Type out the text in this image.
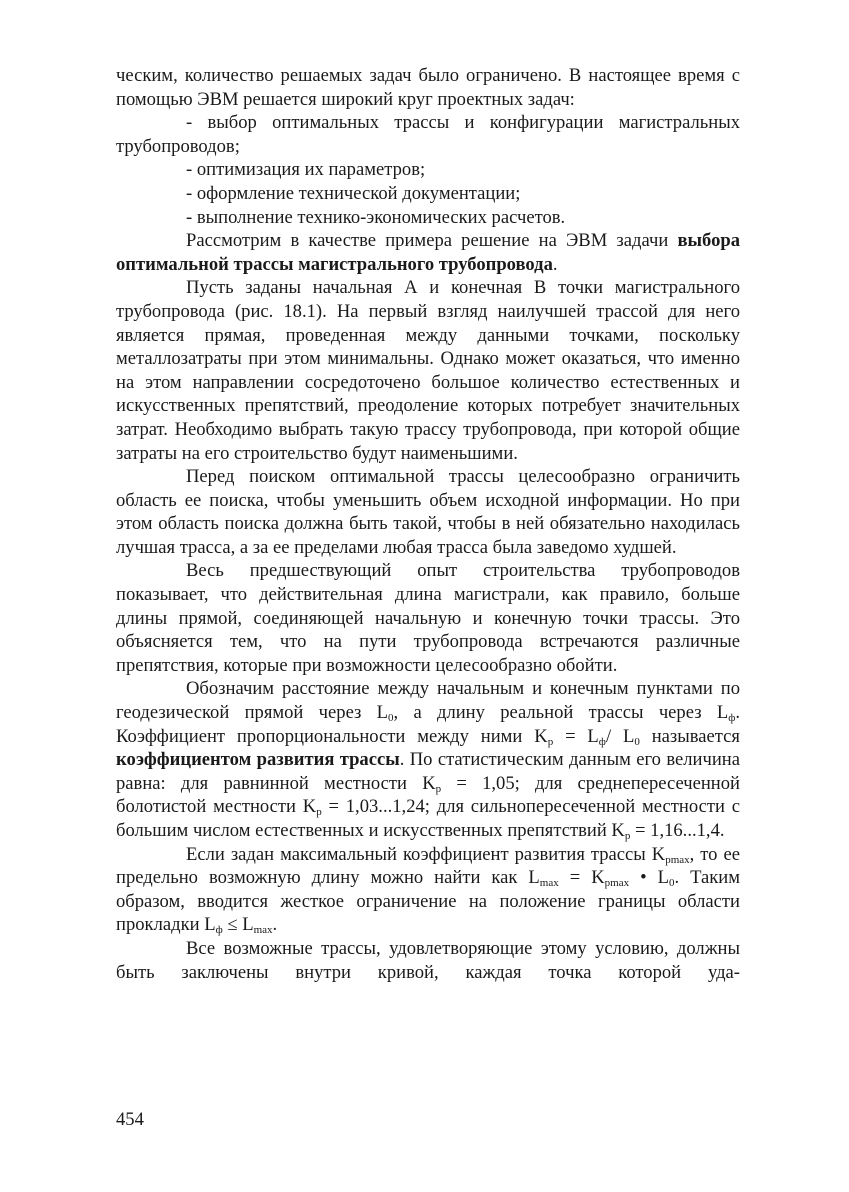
ческим, количество решаемых задач было ограничено. В настоящее время с помощью ЭВМ решается широкий круг проектных задач:

- выбор оптимальных трассы и конфигурации магистральных трубопроводов;

- оптимизация их параметров;

- оформление технической документации;

- выполнение технико-экономических расчетов.

Рассмотрим в качестве примера решение на ЭВМ задачи выбора оптимальной трассы магистрального трубопровода.

Пусть заданы начальная А и конечная В точки магистрального трубопровода (рис. 18.1). На первый взгляд наилучшей трассой для него является прямая, проведенная между данными точками, поскольку металлозатраты при этом минимальны. Однако может оказаться, что именно на этом направлении сосредоточено большое количество естественных и искусственных препятствий, преодоление которых потребует значительных затрат. Необходимо выбрать такую трассу трубопровода, при которой общие затраты на его строительство будут наименьшими.

Перед поиском оптимальной трассы целесообразно ограничить область ее поиска, чтобы уменьшить объем исходной информации. Но при этом область поиска должна быть такой, чтобы в ней обязательно находилась лучшая трасса, а за ее пределами любая трасса была заведомо худшей.

Весь предшествующий опыт строительства трубопроводов показывает, что действительная длина магистрали, как правило, больше длины прямой, соединяющей начальную и конечную точки трассы. Это объясняется тем, что на пути трубопровода встречаются различные препятствия, которые при возможности целесообразно обойти.

Обозначим расстояние между начальным и конечным пунктами по геодезической прямой через $L_0$, а длину реальной трассы через $L_ф$. Коэффициент пропорциональности между ними $K_р = L_ф/$ $L_0$ называется коэффициентом развития трассы. По статистическим данным его величина равна: для равнинной местности $K_р = 1,05$; для среднепересеченной болотистой местности $K_р = 1,03...1,24$; для сильнопересеченной местности с большим числом естественных и искусственных препятствий $K_р = 1,16...1,4$.

Если задан максимальный коэффициент развития трассы $K_{рmax}$, то ее предельно возможную длину можно найти как $L_{max} = K_{рmax}$ • $L_0$. Таким образом, вводится жесткое ограничение на положение границы области прокладки $L_ф \le L_{max}$.

Все возможные трассы, удовлетворяющие этому условию, должны быть заключены внутри кривой, каждая точка которой уда-

454
